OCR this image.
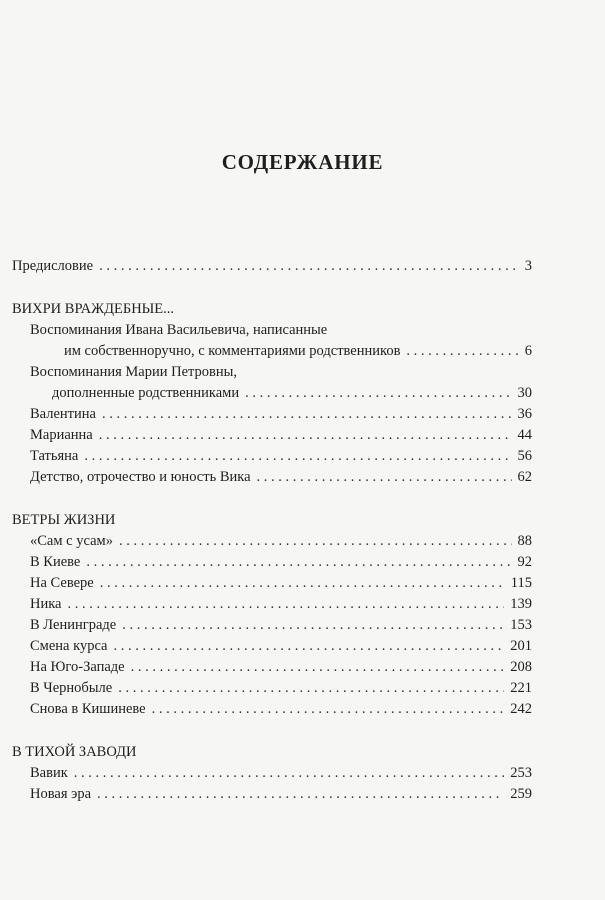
СОДЕРЖАНИЕ
Предисловие . . .	3
ВИХРИ ВРАЖДЕБНЫЕ...
Воспоминания Ивана Васильевича, написанные
им собственноручно, с комментариями родственников . . .	6
Воспоминания Марии Петровны,
дополненные родственниками . . .	30
Валентина . . .	36
Марианна . . .	44
Татьяна . . .	56
Детство, отрочество и юность Вика . . .	62
ВЕТРЫ ЖИЗНИ
«Сам с усам» . . .	88
В Киеве . . .	92
На Севере . . .	115
Ника . . .	139
В Ленинграде . . .	153
Смена курса . . .	201
На Юго-Западе . . .	208
В Чернобыле . . .	221
Снова в Кишиневе . . .	242
В ТИХОЙ ЗАВОДИ
Вавик . . .	253
Новая эра . . .	259
